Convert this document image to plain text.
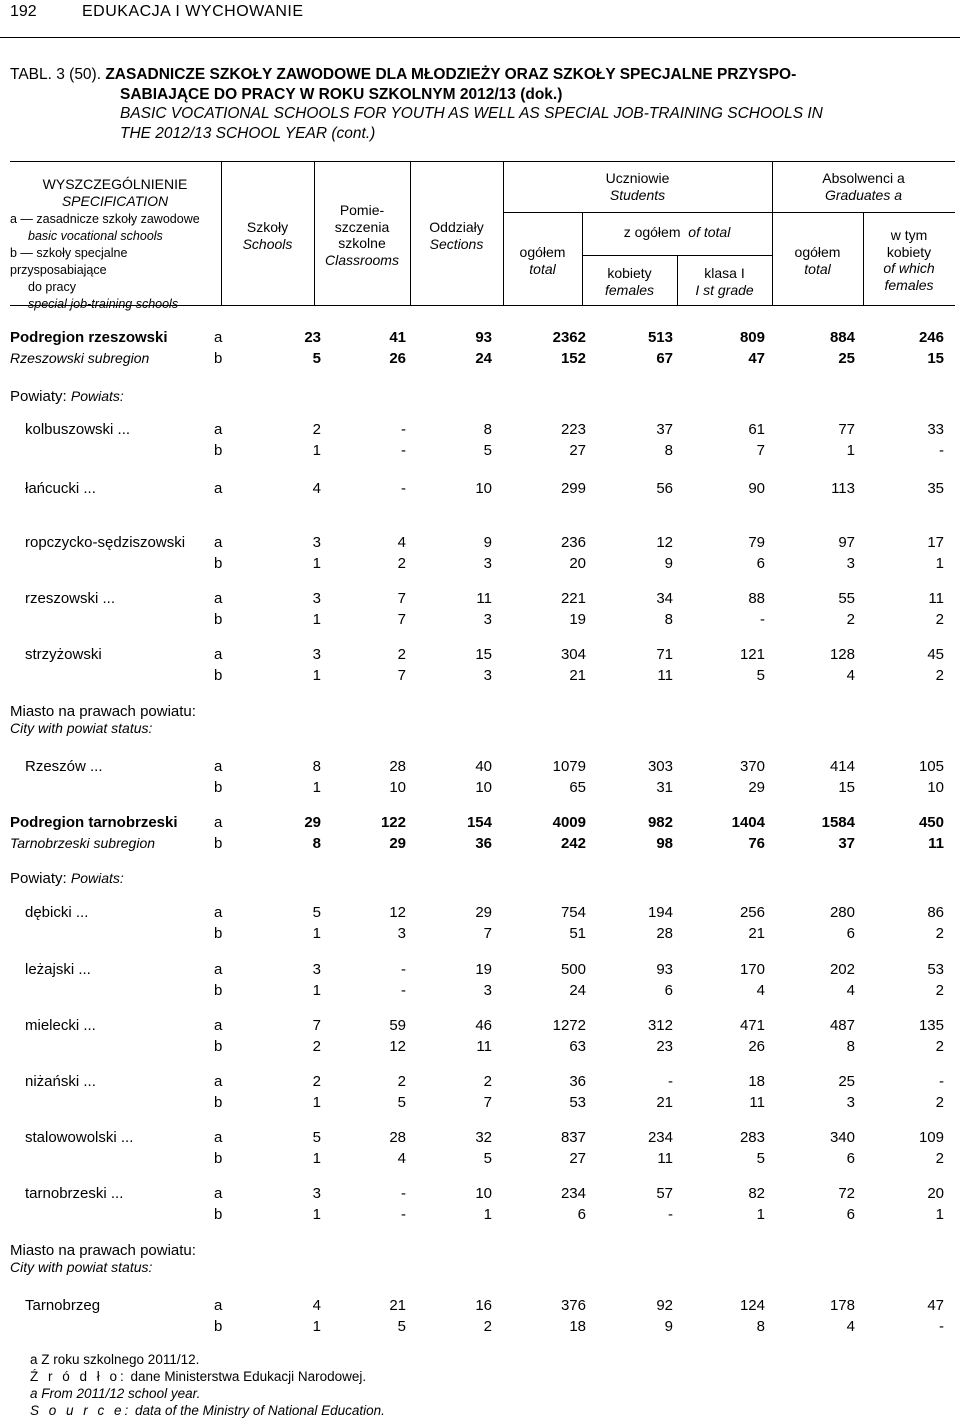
192	EDUKACJA I WYCHOWANIE
TABL. 3 (50). ZASADNICZE SZKOŁY ZAWODOWE DLA MŁODZIEŻY ORAZ SZKOŁY SPECJALNE PRZYSPO-
SABIAJĄCE DO PRACY W ROKU SZKOLNYM 2012/13 (dok.)
BASIC VOCATIONAL SCHOOLS FOR YOUTH AS WELL AS SPECIAL JOB-TRAINING SCHOOLS IN
THE 2012/13 SCHOOL YEAR (cont.)
WYSZCZEGÓLNIENIE
SPECIFICATION
a — zasadnicze szkoły zawodowe
basic vocational schools
b — szkoły specjalne przysposabiające
do pracy
special job-training schools
Szkoły
Schools
Pomie-
szczenia
szkolne
Classrooms
Oddziały
Sections
Uczniowie
Students
ogółem
total
z ogółem of total
kobiety
females
klasa I
I st grade
Absolwenci a
Graduates a
ogółem
total
w tym
kobiety
of which
females
Powiaty: Powiats:
Miasto na prawach powiatu:
City with powiat status:
Powiaty: Powiats:
Miasto na prawach powiatu:
City with powiat status:
Podregion rzeszowski	a	23	41	93	2362	513	809	884	246
Rzeszowski subregion	b	5	26	24	152	67	47	25	15
kolbuszowski ...	a	2	-	8	223	37	61	77	33
b	1	-	5	27	8	7	1	-
łańcucki ...	a	4	-	10	299	56	90	113	35
ropczycko-sędziszowski a	3	4	9	236	12	79	97	17
b	1	2	3	20	9	6	3	1
rzeszowski ...	a	3	7	11	221	34	88	55	11
b	1	7	3	19	8	-	2	2
strzyżowski	a	3	2	15	304	71	121	128	45
b	1	7	3	21	11	5	4	2
Rzeszów ...	a	8	28	40	1079	303	370	414	105
b	1	10	10	65	31	29	15	10
Podregion tarnobrzeski a	29	122	154	4009	982	1404	1584	450
Tarnobrzeski subregion	b	8	29	36	242	98	76	37	11
dębicki ...	a	5	12	29	754	194	256	280	86
b	1	3	7	51	28	21	6	2
leżajski ...	a	3	-	19	500	93	170	202	53
b	1	-	3	24	6	4	4	2
mielecki ...	a	7	59	46	1272	312	471	487	135
b	2	12	11	63	23	26	8	2
niżański ...	a	2	2	2	36	-	18	25	-
b	1	5	7	53	21	11	3	2
stalowowolski ...	a	5	28	32	837	234	283	340	109
b	1	4	5	27	11	5	6	2
tarnobrzeski ...	a	3	-	10	234	57	82	72	20
b	1	-	1	6	-	1	6	1
Tarnobrzeg	a	4	21	16	376	92	124	178	47
b	1	5	2	18	9	8	4	-
a Z roku szkolnego 2011/12.
Ź r ó d ł o: dane Ministerstwa Edukacji Narodowej.
a From 2011/12 school year.
S o u r c e: data of the Ministry of National Education.
